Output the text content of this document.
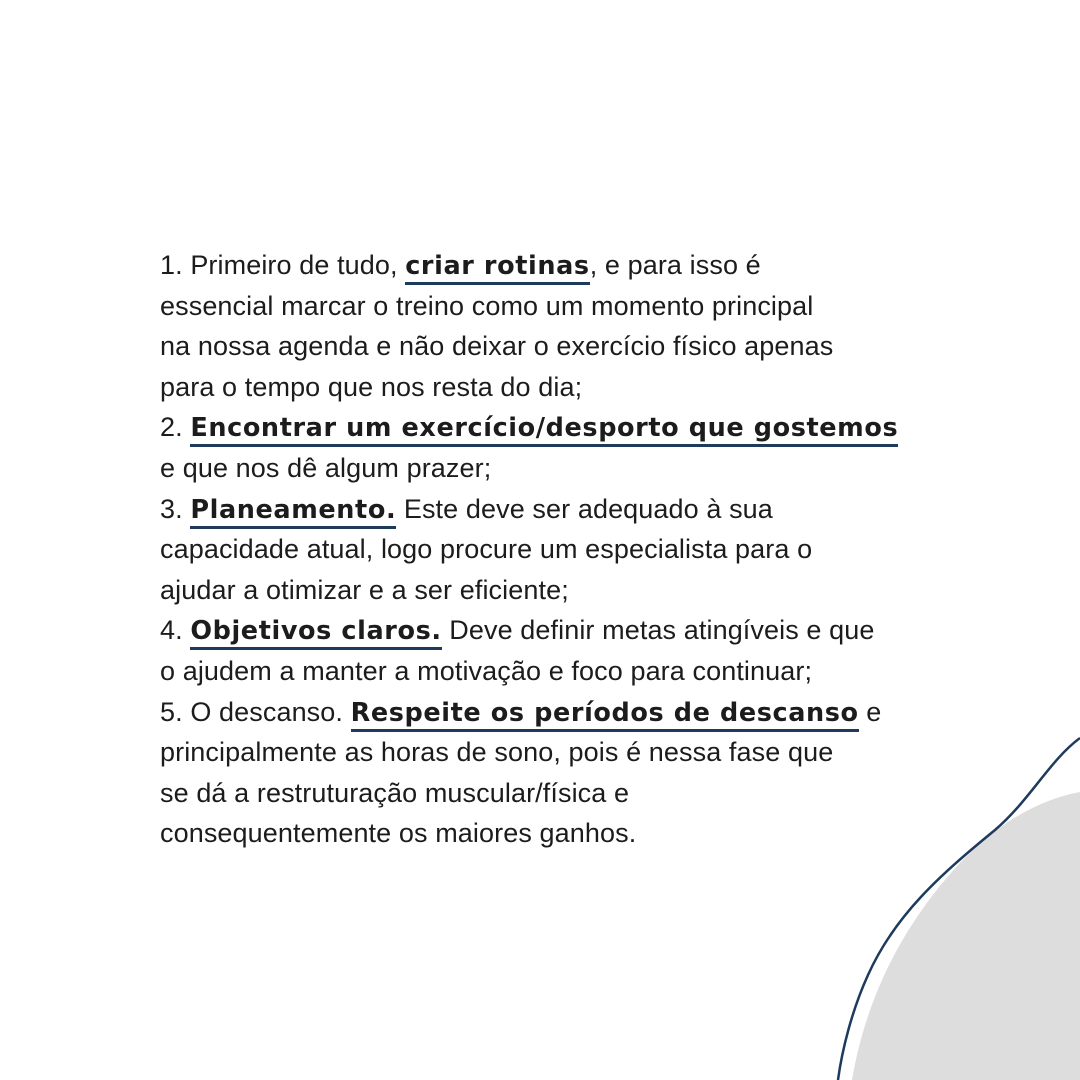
1. Primeiro de tudo, criar rotinas, e para isso é
essencial marcar o treino como um momento principal
na nossa agenda e não deixar o exercício físico apenas
para o tempo que nos resta do dia;
2. Encontrar um exercício/desporto que gostemos
e que nos dê algum prazer;
3. Planeamento. Este deve ser adequado à sua
capacidade atual, logo procure um especialista para o
ajudar a otimizar e a ser eficiente;
4. Objetivos claros. Deve definir metas atingíveis e que
o ajudem a manter a motivação e foco para continuar;
5. O descanso. Respeite os períodos de descanso e
principalmente as horas de sono, pois é nessa fase que
se dá a restruturação muscular/física e
consequentemente os maiores ganhos.
